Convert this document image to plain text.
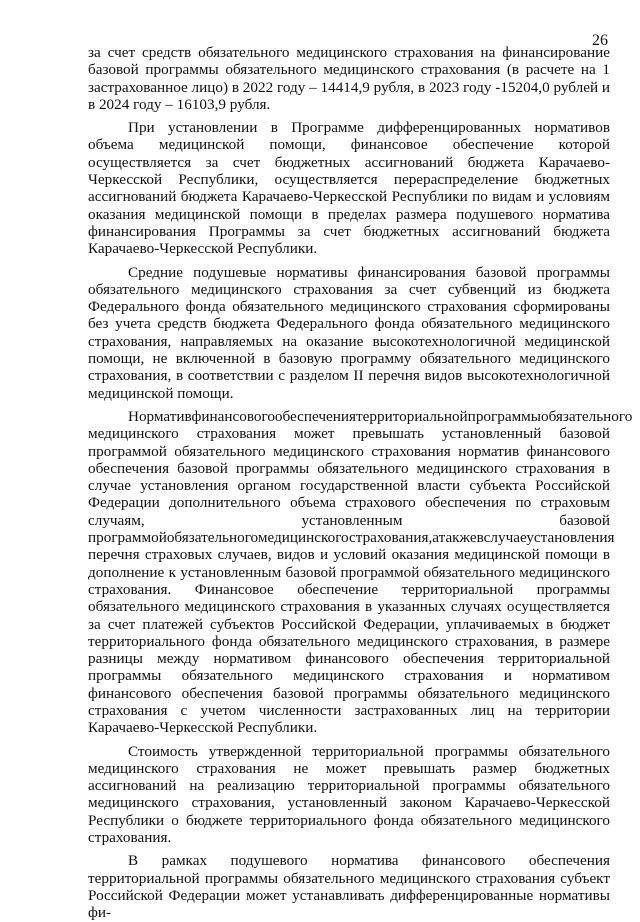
26

за счет средств обязательного медицинского страхования на финансирование базовой программы обязательного медицинского страхования (в расчете на 1 застрахованное лицо) в 2022 году – 14414,9 рубля, в 2023 году -15204,0 рублей и в 2024 году – 16103,9 рубля.

При установлении в Программе дифференцированных нормативов объема медицинской помощи, финансовое обеспечение которой осуществляется за счет бюджетных ассигнований бюджета Карачаево-Черкесской Республики, осуществляется перераспределение бюджетных ассигнований бюджета Карачаево-Черкесской Республики по видам и условиям оказания медицинской помощи в пределах размера подушевого норматива финансирования Программы за счет бюджетных ассигнований бюджета Карачаево-Черкесской Республики.

Средние подушевые нормативы финансирования базовой программы обязательного медицинского страхования за счет субвенций из бюджета Федерального фонда обязательного медицинского страхования сформированы без учета средств бюджета Федерального фонда обязательного медицинского страхования, направляемых на оказание высокотехнологичной медицинской помощи, не включенной в базовую программу обязательного медицинского страхования, в соответствии с разделом II перечня видов высокотехнологичной медицинской помощи.

Нормативфинансовогообеспечениятерриториальнойпрограммыобязательного медицинского страхования может превышать установленный базовой программой обязательного медицинского страхования норматив финансового обеспечения базовой программы обязательного медицинского страхования в случае установления органом государственной власти субъекта Российской Федерации дополнительного объема страхового обеспечения по страховым случаям, установленным базовой программойобязательногомедицинскогострахования,атакжевслучаеустановления перечня страховых случаев, видов и условий оказания медицинской помощи в дополнение к установленным базовой программой обязательного медицинского страхования. Финансовое обеспечение территориальной программы обязательного медицинского страхования в указанных случаях осуществляется за счет платежей субъектов Российской Федерации, уплачиваемых в бюджет территориального фонда обязательного медицинского страхования, в размере разницы между нормативом финансового обеспечения территориальной программы обязательного медицинского страхования и нормативом финансового обеспечения базовой программы обязательного медицинского страхования с учетом численности застрахованных лиц на территории Карачаево-Черкесской Республики.

Стоимость утвержденной территориальной программы обязательного медицинского страхования не может превышать размер бюджетных ассигнований на реализацию территориальной программы обязательного медицинского страхования, установленный законом Карачаево-Черкесской Республики о бюджете территориального фонда обязательного медицинского страхования.

В рамках подушевого норматива финансового обеспечения территориальной программы обязательного медицинского страхования субъект Российской Федерации может устанавливать дифференцированные нормативы фи-
